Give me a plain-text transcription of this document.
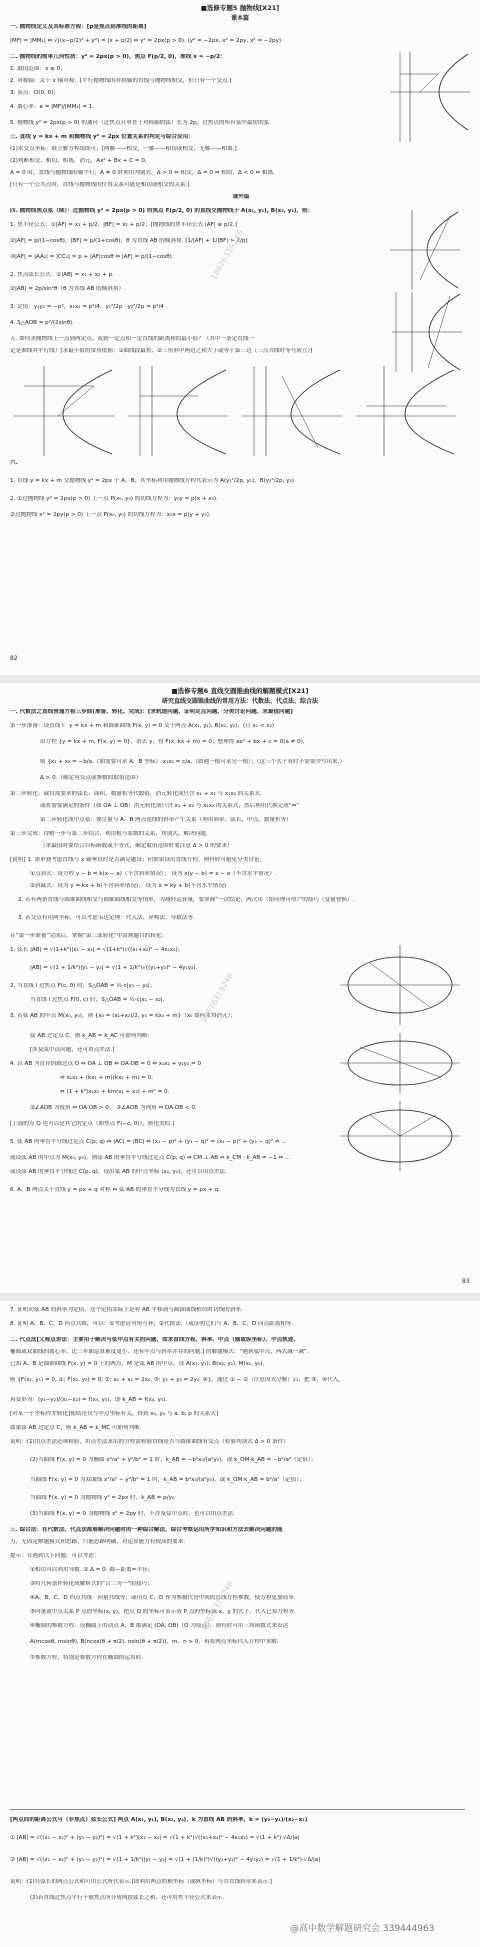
■选修专题5 抛物线[X21]
课本篇
一. 抛物线定义及其标准方程：[p是焦点到准线的距离]
|MF| = |MM₁| ⇔ √((x−p/2)² + y²) = |x + p/2| ⇔ y² = 2px(p > 0). (y² = −2px, x² = 2py, x² = −2py)
二. 抛物线的简单几何性质：y² = 2px(p > 0)，焦点 F(p/2, 0)，准线 x = −p/2：
1. 取值范围：x ≥ 0；
2. 对称轴：关于 x 轴对称；[平行抛物线的对称轴的直线与抛物线相交，但只有一个交点.]
3. 顶点：O(0, 0)；
4. 离心率：e = |MF|/|MM₁| = 1.
5. 抛物线 y² = 2px(p > 0) 的通径（过焦点且垂直于对称轴的弦）长为 2p，过焦点的所有弦中最短的弦.
三. 直线 y = kx + m 和抛物线 y² = 2px 位置关系的判定与综合应用：
(1)求交点坐标：联立解方程组即可；[两解——相交，一解——相切或相交，无解——相离.]
(2)判断相交、相切、相离，消元，Ax² + Bx + C = 0，
A = 0 时，直线与抛物线的轴平行；A ≠ 0 时利用判别式，Δ > 0 ⇔ 相交，Δ = 0 ⇔ 相切，Δ < 0 ⇔ 相离.
[只有一个公共点时，直线与抛物线的位置关系可能是相切或相交的关系.]
课外篇
四. 抛物线焦点弦（续）：过抛物线 y² = 2px(p > 0) 的焦点 F(p/2, 0) 的直线交抛物线于 A(x₁, y₁), B(x₂, y₂)，则：
1. 焦半径公式：①|AF| = x₁ + p/2，|BF| = x₂ + p/2；[抛物线的焦半径公式 |AF| ≥ p/2.]
②|AF| = p/(1−cosθ)，|BF| = p/(1+cosθ)，θ 为直线 AB 的倾斜角. [1/|AF| + 1/|BF| = 2/p]
③|AF| = |AA₁| = |CC₁| = p + |AF|cosθ ⇔ |AF| = p/(1−cosθ)
2. 焦点弦长公式：①|AB| = x₁ + x₂ + p.
②|AB| = 2p/sin²θ（θ 为直线 AB 的倾斜角）.
3. 定值：y₁y₂ = −p²，x₁x₂ = p²/4，y₁²/2p · y₂²/2p = p²/4 .
4. S△AOB = p²/(2sinθ).
五. 如何求抛物线上一点到两定点、或到一定点和一定直线的距离和的最小值？（其中一条定直线一
定是准线其平行线）[求最小值的常用依据：①曲线段最短；②三角形中两边之和大于或等于第三边（三点共线时等号成立）]
六.
1. 直线 y = kx + m 交抛物线 y² = 2px 于 A、B，其坐标利用抛物线方程代表示为 A(y₁²/2p, y₁)，B(y₂²/2p, y₂).
2. ①过抛物线 y² = 2px(p > 0) 上一点 P(x₀, y₀) 的切线方程为：y₀y = p(x + x₀).
②过抛物线 x² = 2py(p > 0) 上一点 P(x₀, y₀) 的切线方程为：x₀x = p(y + y₀).
18676319246
82
■选修专题6 直线交圆锥曲线的解题模式[X21]
研究直线交圆锥曲线的常用方法：代数法、代点法、综合法
一. 代数法之直线普通方程三步曲(准备、转化、完成)：[求轨迹问题、证明定点问题、分类讨论问题、求最值问题]
第一步准备：设直线 l：y = kx + m 和圆锥曲线 F(x, y) = 0 交于两点 A(x₁, y₁), B(x₂, y₂)，(且 x₁ < x₂)
由方程 {y = kx + m, F(x, y) = 0}，消去 y，得 F(x, kx + m) = 0；整理得 ax² + bx + c = 0(a ≠ 0)，
则 {x₁ + x₂ = −b/a,（如需要可求 A、B 坐标） x₁x₂ = c/a,（如遇一根可求另一根）；（这三个式子有时不需要全写出来.）
Δ > 0.（确定有交点或参数的取值范围）
第二步转化：或将需要求的弦长、面积、数量积等代数值，消元转化成只含 x₁ + x₂ 与 x₁x₂ 的关系式.
或将需要满足的条件（如 OA ⊥ OB）消元转化成只含 x₁ + x₂ 与 x₁x₂ 的关系式，然后利用代换完成“⇔”
第二步转化成中点弦：要尽量与 A、B 两点连线的斜率产生关系（利用斜率、弦长、中点、数量积等）
第三步完成：得解一步与第二步结合，利用根与系数的关系、判别式，解决问题.
（求最值时要结合目标函数或不等式，确定取值范围时要注意 Δ > 0 的要求）
[说明] 1. 需单独考虑直线与 x 轴垂直时是否满足题设；但如果设出直线方程，则有时可避免分类讨论；
①点斜式：设方程 y − b = k(x − a)（不含斜率情况）； 设为 x(y − b) = x − a（不含水平情况）.
②斜截式：设为 y = kx + b(不含斜率情况)； 设为 x = ky + b(不含水平情况)
2. 若有两条直线与圆锥曲线相交与圆锥曲线相交等情形，为减轻运算量，要掌握“一次结论，两次用（即同理可得）”的技巧（变量替换）.
3. 若交点有用两坐标，可以考虑韦达定理：代入法、异构法、导数法等.
在“第一步准备”完成后，掌握“第二部转化”中常规题目的转化：
1. 弦长 |AB| = √(1+k²)|x₁ − x₂| = √(1+k²)√((x₁+x₂)² − 4x₁x₂)；
|AB| = √(1 + 1/k²)|y₁ − y₂| = √(1 + 1/k²)√((y₁+y₂)² − 4y₁y₂).
2. 当直线 l 过焦点 F(c, 0) 时，S△OAB = ½·c|y₁ − y₂|；
当直线 l 过焦点 F(0, c) 时，S△OAB = ½·c|x₁ − x₂|.
3. 若弦 AB 的中点 M(x₀, y₀)，则 {x₀ = (x₁+x₂)/2, y₀ = kx₀ + m}（x₀ 如何求得消元）；
弦 AB 过定点 C，则 k_AB = k_AC 可如何判断.
[涉及弦中点问题，还可用点差法.]
4. 以 AB 为直径的圆过点 O ⇔ OA ⊥ OB ⇔ OA·OB = 0 ⇔ x₁x₂ + y₁y₂ = 0
⇔ x₁x₂ + (kx₁ + m)(kx₂ + m) = 0.
⇔ (1 + k²)x₁x₂ + km(x₁ + x₂) + m² = 0.
②∠AOB 为锐角 ⇔ OA·OB > 0； ③∠AOB 为钝角 ⇔ OA·OB < 0.
[上面的点 O 也可以是其它的定点（如焦点 F(−c, 0)），转化类似.]
5. 弦 AB 的垂直平分线过定点 C(p, q) ⇔ |AC| = |BC| ⇔ (x₁ − p)² + (y₁ − q)² = (x₂ − p)² + (y₂ − q)² ⇔ ...
或设弦 AB 的中点为 M(x₀, y₀)，则弦 AB 的垂直平分线过定点 C(p, q) ⇔ CM ⊥ AB ⇔ k_CM · k_AB = −1 ⇔ ...
或设弦 AB 的垂直平分线过 C(p, q)，设出弦 AB 的中点坐标 (x₀, y₀)，还可以用点差法.
6. A、B 两点关于直线 y = px + q 对称 ⇔ 弦 AB 的垂直平分线为直线 y = px + q.
18676319246
83
7. 证明动弦 AB 的斜率为定值，这个定值实际上是将 AB 平移到与圆锥曲线相切时切线的斜率.
8. 证明 A、B、C、D 四点共圆，可以：①考虑证对角互补；②代换法.（或证明它们与 A、B、C、D 四点距离相等.
二. 代点法[又称点差法：主要用于解决与弦中点有关的问题，如求直线方程、斜率、中点（轴或纵坐标）、中点轨迹、
椭圆或双曲线的离心率、比三步曲运算难度更小，还有中点与斜率并存的问题.] 的解题模式：“遇到弦中点，两式减一减”.
已知 A、B 是圆锥曲线 F(x, y) = 0 上的两点，M 是弦 AB 的中点，设 A(x₁, y₁), B(x₂, y₂), M(x₀, y₀)，
则 {F(x₁, y₁) = 0, ①; F(x₂, y₂) = 0, ②; x₁ + x₂ = 2x₀, ③; y₁ + y₂ = 2y₀, ④}，通过 ① − ②（注意因式分解）后，把 ③、④代入，
再变形为：(y₁−y₂)/(x₁−x₂) = f(x₀, y₀)，即 k_AB = f(x₀, y₀).
[对某一个坐标作差转化]使结论仅与中点坐标有关，得到 x₀, y₀ 与 a, b, p 的关系式]
如果弦 AB 过定点 C，则 k_AB = k_MC 可如何判断.
说明：(1)用点差法必须检验，用点差法求出的方程需检验直线是否与圆锥曲线有交点（检验判别式 Δ > 0 条件）
(2)当曲线 F(x, y) = 0 为椭圆 x²/a² + y²/b² = 1 时，k_AB = −b²x₀/(a²y₀)，或 k_OM·k_AB = −b²/a²（定值）；
当曲线 F(x, y) = 0 为双曲线 x²/a² − y²/b² = 1 时，k_AB = b²x₀/(a²y₀)，或 k_OM·k_AB = b²/a²（定值）；
当曲线 F(x, y) = 0 为抛物线 y² = 2px 时，k_AB = p/y₀.
(3)当曲线 F(x, y) = 0 为抛物线 x² = 2py 时，不涉及弦中点时，也可以用点差法.
三. 综合法：在代数法、代点法都难解决问题时的一种综合解法，综合考察运用所学知识和方法去解决问题的能
力，无固定解题模式和思路，只能思路明确，对运算能力有较高的要求.
提示：在遇到以下问题，可以考虑：
①相切可以利用导数. ② Δ = 0. 圆—距离=半径；
③将几何条件转化成解析式的“合二为一”的技巧；
④A、B、C、D 四点共线：向量共线等；或用点 C、D 作为参数代替中间的直线方程参数，使方程更加简单.
⑤向量或中点关系 P 点的坐标(x, y)，把点 Q 的坐标可表示成 P 点的坐标或 x、y 的式子，代入已知方程等.
⑥椭圆的参数方程：设椭圆上的动点 A，B 都满足 (OA, OB)（O 为原点），则有时可用三角函数式来表达
A(mcosθ, msinθ), B(ncos(θ + π/2), nsin(θ + π/2))，m、n > 0，再将两点坐标代入方程中求解.
⑦参数方程，特别是参数方程在椭圆的运用时.
[两点间的距离公式与（非焦点）弦长公式] 两点 A(x₁, y₁), B(x₂, y₂)，k 为直线 AB 的斜率，k = (y₂−y₁)/(x₂−x₁)
① |AB| = √((x₁ − x₂)² + (y₁ − y₂)²) = √(1 + k²)|x₁ − x₂| = √(1 + k²)√((x₁+x₂)² − 4x₁x₂) = √(1 + k²)·√Δ/|a|
② |AB| = √((x₁ − x₂)² + (y₁ − y₂)²) = √(1 + 1/k²)|y₁ − y₂| = √(1 + (1/k)²)√((y₁+y₂)² − 4y₁y₂) = √(1 + 1/k²)·√Δ/|a|
说明：(1)在弦长的两点公式和可用公式所代表示.[即利用两点的横坐标（或纵坐标）与其直线斜率来表示.]
(2)若直线过焦点平行于被焦点所分成两段弦长之和，还可用焦半径公式来表示.
18676319246
@高中数学解题研究会 339444963
